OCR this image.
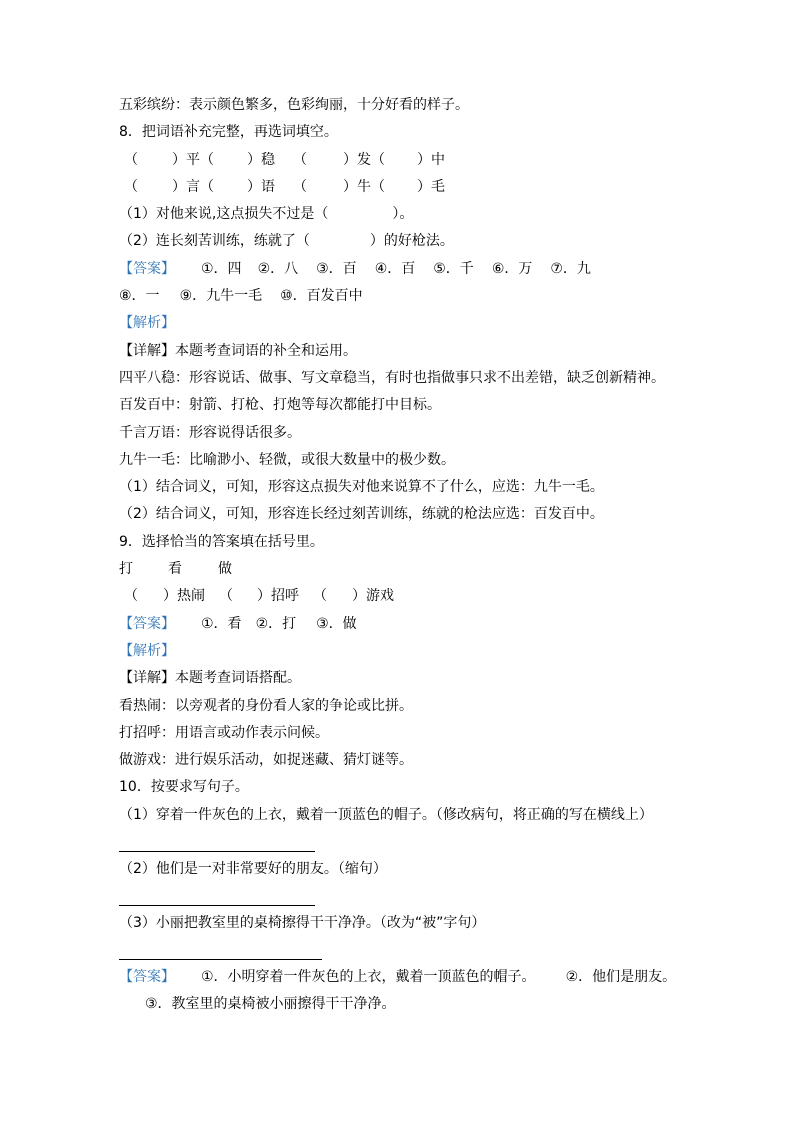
五彩缤纷：表示颜色繁多，色彩绚丽，十分好看的样子。
8．把词语补充完整，再选词填空。
（ ）平（ ）稳 （	）发（ ）中
（ ）言（ ）语 （	）牛（ ）毛
（1）对他来说,这点损失不过是（	）。
（2）连长刻苦训练，练就了（	）的好枪法。
【答案】 ①．四 ②．八 ③．百 ④．百 ⑤．千 ⑥．万 ⑦．九
⑧．一 ⑨．九牛一毛 ⑩．百发百中
【解析】
【详解】本题考查词语的补全和运用。
四平八稳：形容说话、做事、写文章稳当，有时也指做事只求不出差错，缺乏创新精神。
百发百中：射箭、打枪、打炮等每次都能打中目标。
千言万语：形容说得话很多。
九牛一毛：比喻渺小、轻微，或很大数量中的极少数。
（1）结合词义，可知，形容这点损失对他来说算不了什么，应选：九牛一毛。
（2）结合词义，可知，形容连长经过刻苦训练，练就的枪法应选：百发百中。
9．选择恰当的答案填在括号里。
打	看	做
（ ）热闹 （ ）招呼 （ ）游戏
【答案】 ①．看 ②．打 ③．做
【解析】
【详解】本题考查词语搭配。
看热闹：以旁观者的身份看人家的争论或比拼。
打招呼：用语言或动作表示问候。
做游戏：进行娱乐活动，如捉迷藏、猜灯谜等。
10．按要求写句子。
（1）穿着一件灰色的上衣，戴着一顶蓝色的帽子。（修改病句，将正确的写在横线上）
（2）他们是一对非常要好的朋友。（缩句）
（3）小丽把教室里的桌椅擦得干干净净。（改为“被”字句）
【答案】 ①．小明穿着一件灰色的上衣，戴着一顶蓝色的帽子。 ②．他们是朋友。
③．教室里的桌椅被小丽擦得干干净净。
